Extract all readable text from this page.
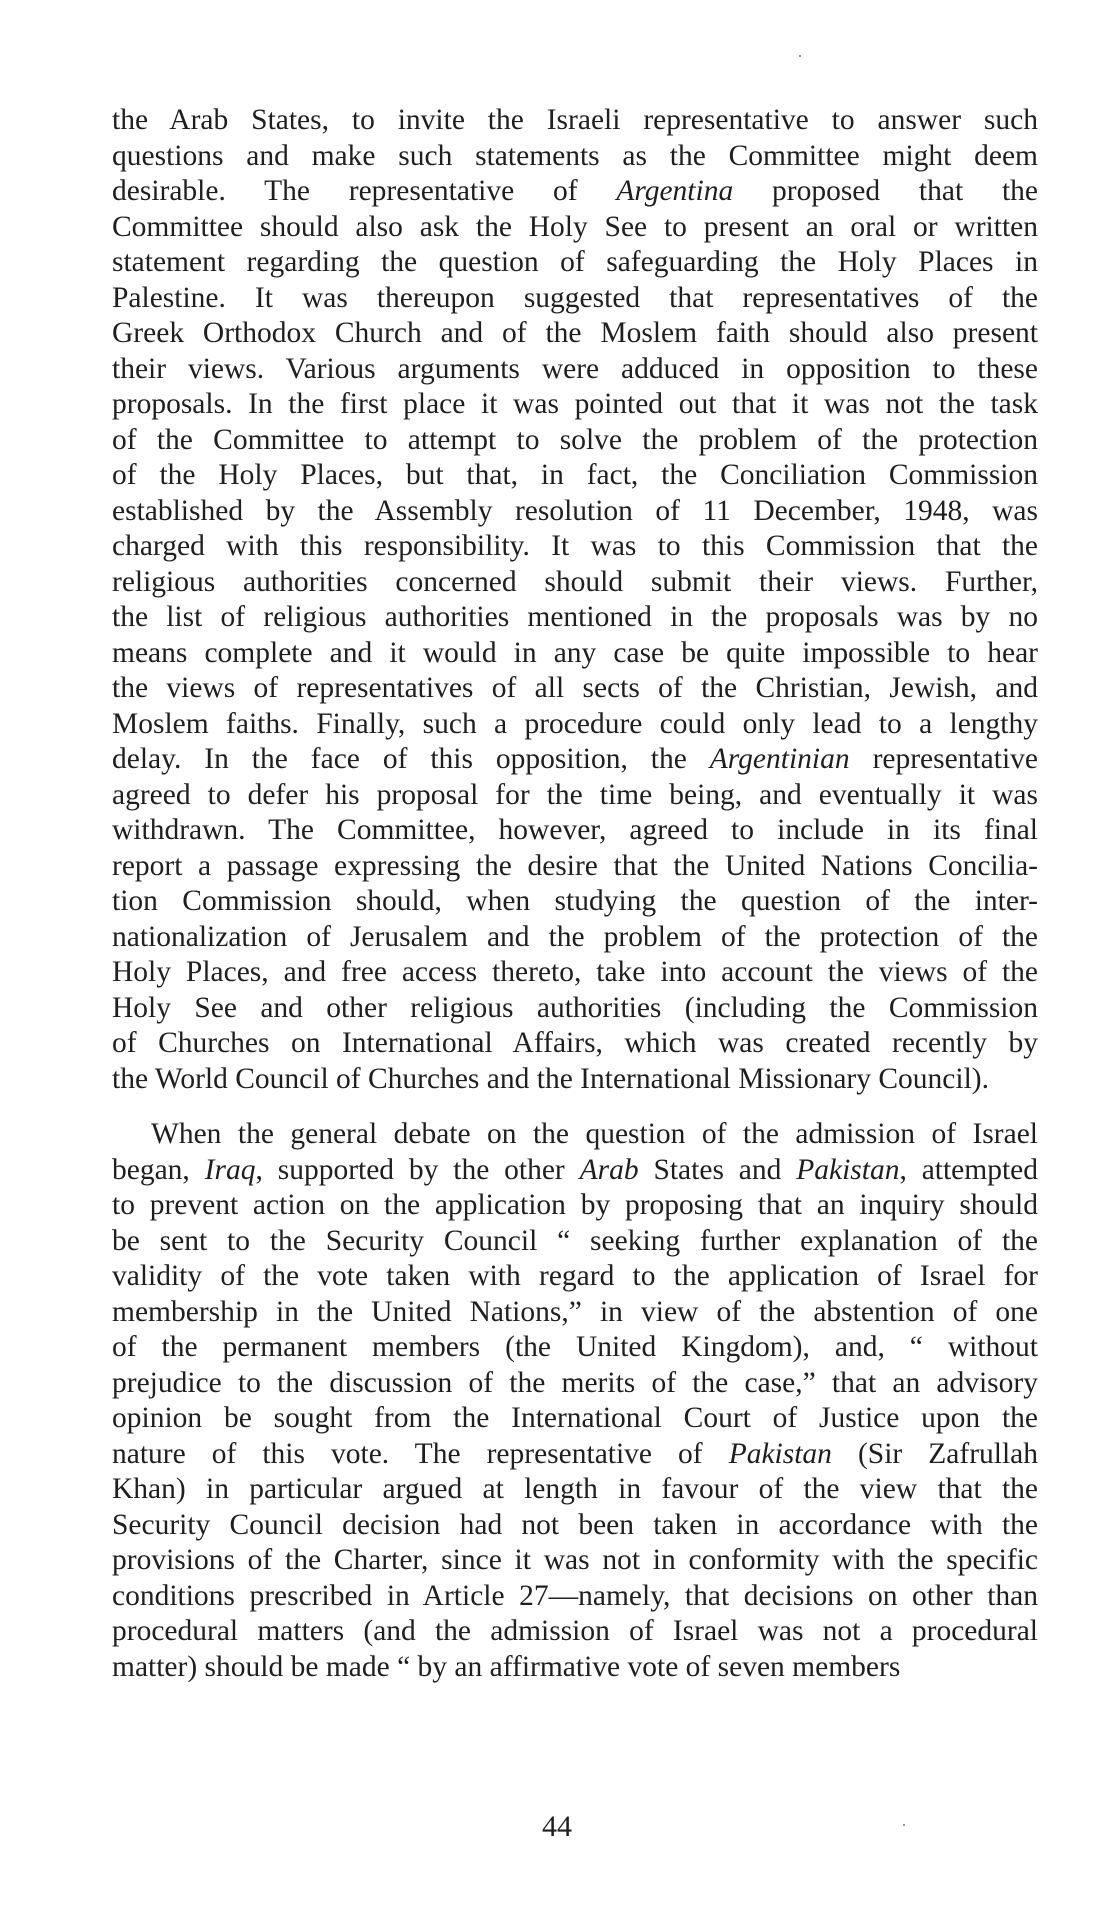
the Arab States, to invite the Israeli representative to answer such
questions and make such statements as the Committee might deem
desirable. The representative of Argentina proposed that the
Committee should also ask the Holy See to present an oral or written
statement regarding the question of safeguarding the Holy Places in
Palestine. It was thereupon suggested that representatives of the
Greek Orthodox Church and of the Moslem faith should also present
their views. Various arguments were adduced in opposition to these
proposals. In the first place it was pointed out that it was not the task
of the Committee to attempt to solve the problem of the protection
of the Holy Places, but that, in fact, the Conciliation Commission
established by the Assembly resolution of 11 December, 1948, was
charged with this responsibility. It was to this Commission that the
religious authorities concerned should submit their views. Further,
the list of religious authorities mentioned in the proposals was by no
means complete and it would in any case be quite impossible to hear
the views of representatives of all sects of the Christian, Jewish, and
Moslem faiths. Finally, such a procedure could only lead to a lengthy
delay. In the face of this opposition, the Argentinian representative
agreed to defer his proposal for the time being, and eventually it was
withdrawn. The Committee, however, agreed to include in its final
report a passage expressing the desire that the United Nations Concilia-
tion Commission should, when studying the question of the inter-
nationalization of Jerusalem and the problem of the protection of the
Holy Places, and free access thereto, take into account the views of the
Holy See and other religious authorities (including the Commission
of Churches on International Affairs, which was created recently by
the World Council of Churches and the International Missionary Council).
When the general debate on the question of the admission of Israel
began, Iraq, supported by the other Arab States and Pakistan, attempted
to prevent action on the application by proposing that an inquiry should
be sent to the Security Council “ seeking further explanation of the
validity of the vote taken with regard to the application of Israel for
membership in the United Nations,” in view of the abstention of one
of the permanent members (the United Kingdom), and, “ without
prejudice to the discussion of the merits of the case,” that an advisory
opinion be sought from the International Court of Justice upon the
nature of this vote. The representative of Pakistan (Sir Zafrullah
Khan) in particular argued at length in favour of the view that the
Security Council decision had not been taken in accordance with the
provisions of the Charter, since it was not in conformity with the specific
conditions prescribed in Article 27—namely, that decisions on other than
procedural matters (and the admission of Israel was not a procedural
matter) should be made “ by an affirmative vote of seven members
44
